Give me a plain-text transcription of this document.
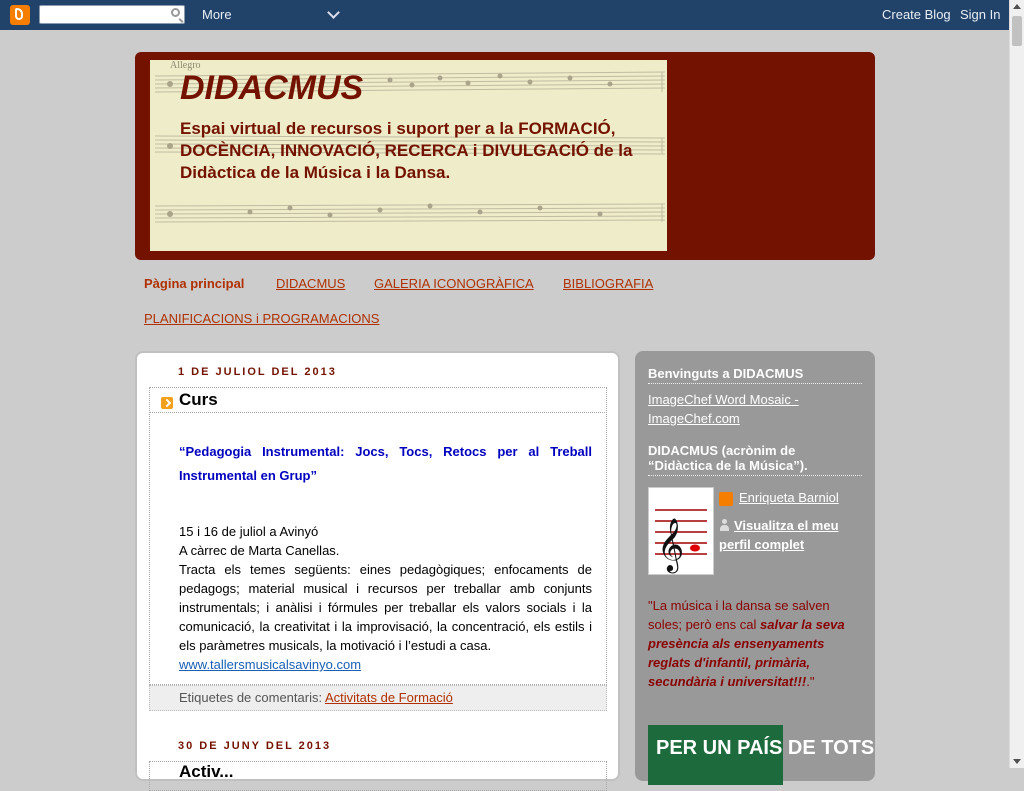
More	Create Blog Sign In
Allegro
DIDACMUS
Espai virtual de recursos i suport per a la FORMACIÓ, DOCÈNCIA, INNOVACIÓ, RECERCA i DIVULGACIÓ de la Didàctica de la Música i la Dansa.
Pàgina principal DIDACMUS GALERIA ICONOGRÀFICA BIBLIOGRAFIA
PLANIFICACIONS i PROGRAMACIONS
1 DE JULIOL DEL 2013
Curs
“Pedagogia Instrumental: Jocs, Tocs, Retocs per al Treball Instrumental en Grup”
15 i 16 de juliol a Avinyó
A càrrec de Marta Canellas.
Tracta els temes següents: eines pedagògiques; enfocaments de pedagogs; material musical i recursos per treballar amb conjunts instrumentals; i anàlisi i fórmules per treballar els valors socials i la comunicació, la creativitat i la improvisació, la concentració, els estils i els paràmetres musicals, la motivació i l’estudi a casa.
www.tallersmusicalsavinyo.com
Etiquetes de comentaris: Activitats de Formació
30 DE JUNY DEL 2013
Activ...
Benvinguts a DIDACMUS
ImageChef Word Mosaic - ImageChef.com
DIDACMUS (acrònim de “Didàctica de la Música”).
𝄞
Enriqueta Barniol
Visualitza el meu perfil complet
"La música i la dansa se salven soles; però ens cal salvar la seva presència als ensenyaments reglats d'infantil, primària, secundària i universitat!!!."
PER UN PAÍS DE TOTS
